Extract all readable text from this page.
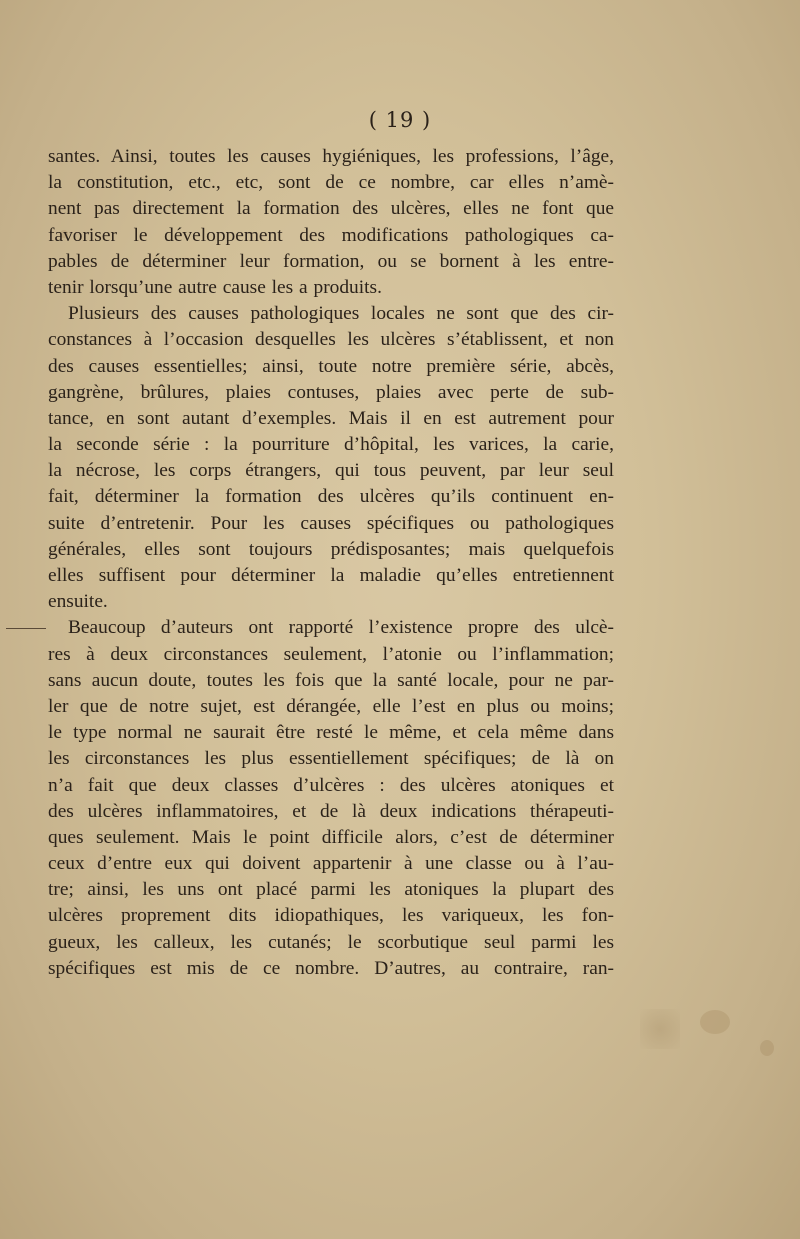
( 19 )
santes. Ainsi, toutes les causes hygiéniques, les professions, l’âge,
la constitution, etc., etc, sont de ce nombre, car elles n’amè-
nent pas directement la formation des ulcères, elles ne font que
favoriser le développement des modifications pathologiques ca-
pables de déterminer leur formation, ou se bornent à les entre-
tenir lorsqu’une autre cause les a produits.
Plusieurs des causes pathologiques locales ne sont que des cir-
constances à l’occasion desquelles les ulcères s’établissent, et non
des causes essentielles; ainsi, toute notre première série, abcès,
gangrène, brûlures, plaies contuses, plaies avec perte de sub-
tance, en sont autant d’exemples. Mais il en est autrement pour
la seconde série : la pourriture d’hôpital, les varices, la carie,
la nécrose, les corps étrangers, qui tous peuvent, par leur seul
fait, déterminer la formation des ulcères qu’ils continuent en-
suite d’entretenir. Pour les causes spécifiques ou pathologiques
générales, elles sont toujours prédisposantes; mais quelquefois
elles suffisent pour déterminer la maladie qu’elles entretiennent
ensuite.
Beaucoup d’auteurs ont rapporté l’existence propre des ulcè-
res à deux circonstances seulement, l’atonie ou l’inflammation;
sans aucun doute, toutes les fois que la santé locale, pour ne par-
ler que de notre sujet, est dérangée, elle l’est en plus ou moins;
le type normal ne saurait être resté le même, et cela même dans
les circonstances les plus essentiellement spécifiques; de là on
n’a fait que deux classes d’ulcères : des ulcères atoniques et
des ulcères inflammatoires, et de là deux indications thérapeuti-
ques seulement. Mais le point difficile alors, c’est de déterminer
ceux d’entre eux qui doivent appartenir à une classe ou à l’au-
tre; ainsi, les uns ont placé parmi les atoniques la plupart des
ulcères proprement dits idiopathiques, les variqueux, les fon-
gueux, les calleux, les cutanés; le scorbutique seul parmi les
spécifiques est mis de ce nombre. D’autres, au contraire, ran-
